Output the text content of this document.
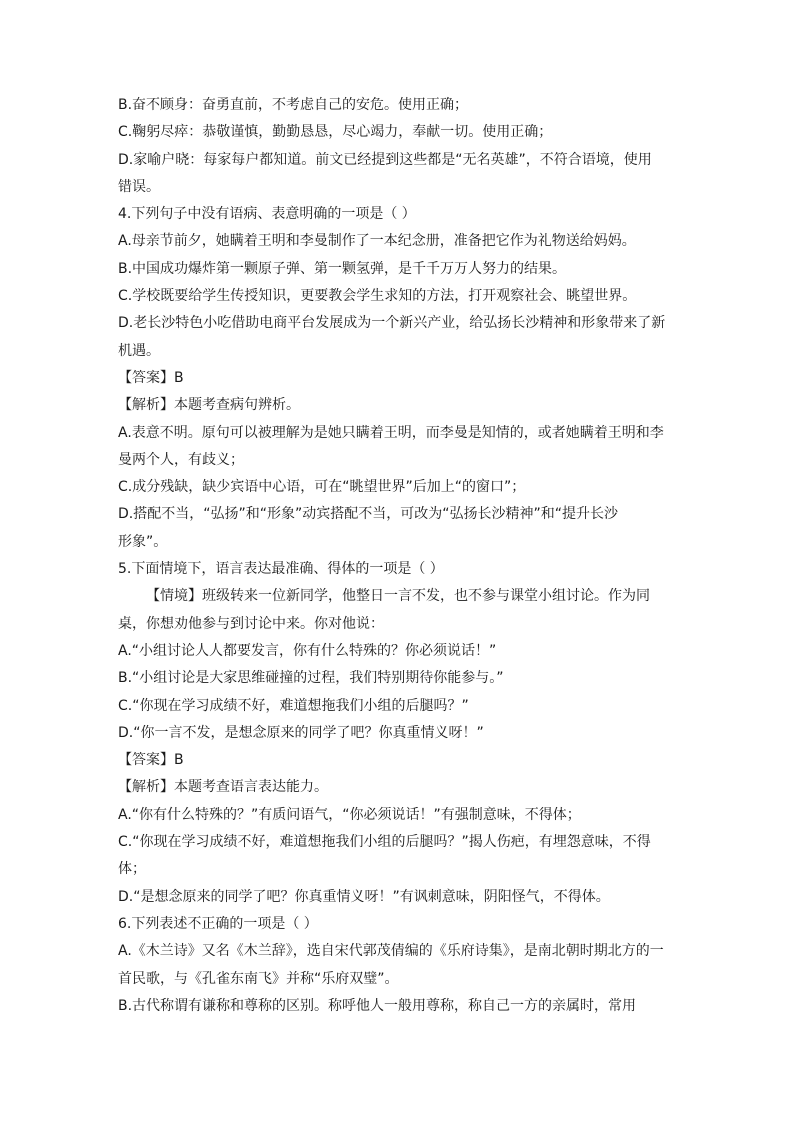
B.奋不顾身：奋勇直前，不考虑自己的安危。使用正确；
C.鞠躬尽瘁：恭敬谨慎，勤勤恳恳，尽心竭力，奉献一切。使用正确；
D.家喻户晓：每家每户都知道。前文已经提到这些都是“无名英雄”，不符合语境，使用
错误。
4.下列句子中没有语病、表意明确的一项是（ ）
A.母亲节前夕，她瞒着王明和李曼制作了一本纪念册，准备把它作为礼物送给妈妈。
B.中国成功爆炸第一颗原子弹、第一颗氢弹，是千千万万人努力的结果。
C.学校既要给学生传授知识，更要教会学生求知的方法，打开观察社会、眺望世界。
D.老长沙特色小吃借助电商平台发展成为一个新兴产业，给弘扬长沙精神和形象带来了新
机遇。
【答案】B
【解析】本题考查病句辨析。
A.表意不明。原句可以被理解为是她只瞒着王明，而李曼是知情的，或者她瞒着王明和李
曼两个人，有歧义；
C.成分残缺，缺少宾语中心语，可在“眺望世界”后加上“的窗口”；
D.搭配不当，“弘扬”和“形象”动宾搭配不当，可改为“弘扬长沙精神”和“提升长沙
形象”。
5.下面情境下，语言表达最准确、得体的一项是（ ）
【情境】班级转来一位新同学，他整日一言不发，也不参与课堂小组讨论。作为同
桌，你想劝他参与到讨论中来。你对他说：
A.“小组讨论人人都要发言，你有什么特殊的？你必须说话！”
B.“小组讨论是大家思维碰撞的过程，我们特别期待你能参与。”
C.“你现在学习成绩不好，难道想拖我们小组的后腿吗？”
D.“你一言不发，是想念原来的同学了吧？你真重情义呀！”
【答案】B
【解析】本题考查语言表达能力。
A.“你有什么特殊的？”有质问语气，“你必须说话！”有强制意味，不得体；
C.“你现在学习成绩不好，难道想拖我们小组的后腿吗？”揭人伤疤，有埋怨意味，不得
体；
D.“是想念原来的同学了吧？你真重情义呀！”有讽刺意味，阴阳怪气，不得体。
6.下列表述不正确的一项是（ ）
A.《木兰诗》又名《木兰辞》，选自宋代郭茂倩编的《乐府诗集》，是南北朝时期北方的一
首民歌，与《孔雀东南飞》并称“乐府双璧”。
B.古代称谓有谦称和尊称的区别。称呼他人一般用尊称，称自己一方的亲属时，常用
